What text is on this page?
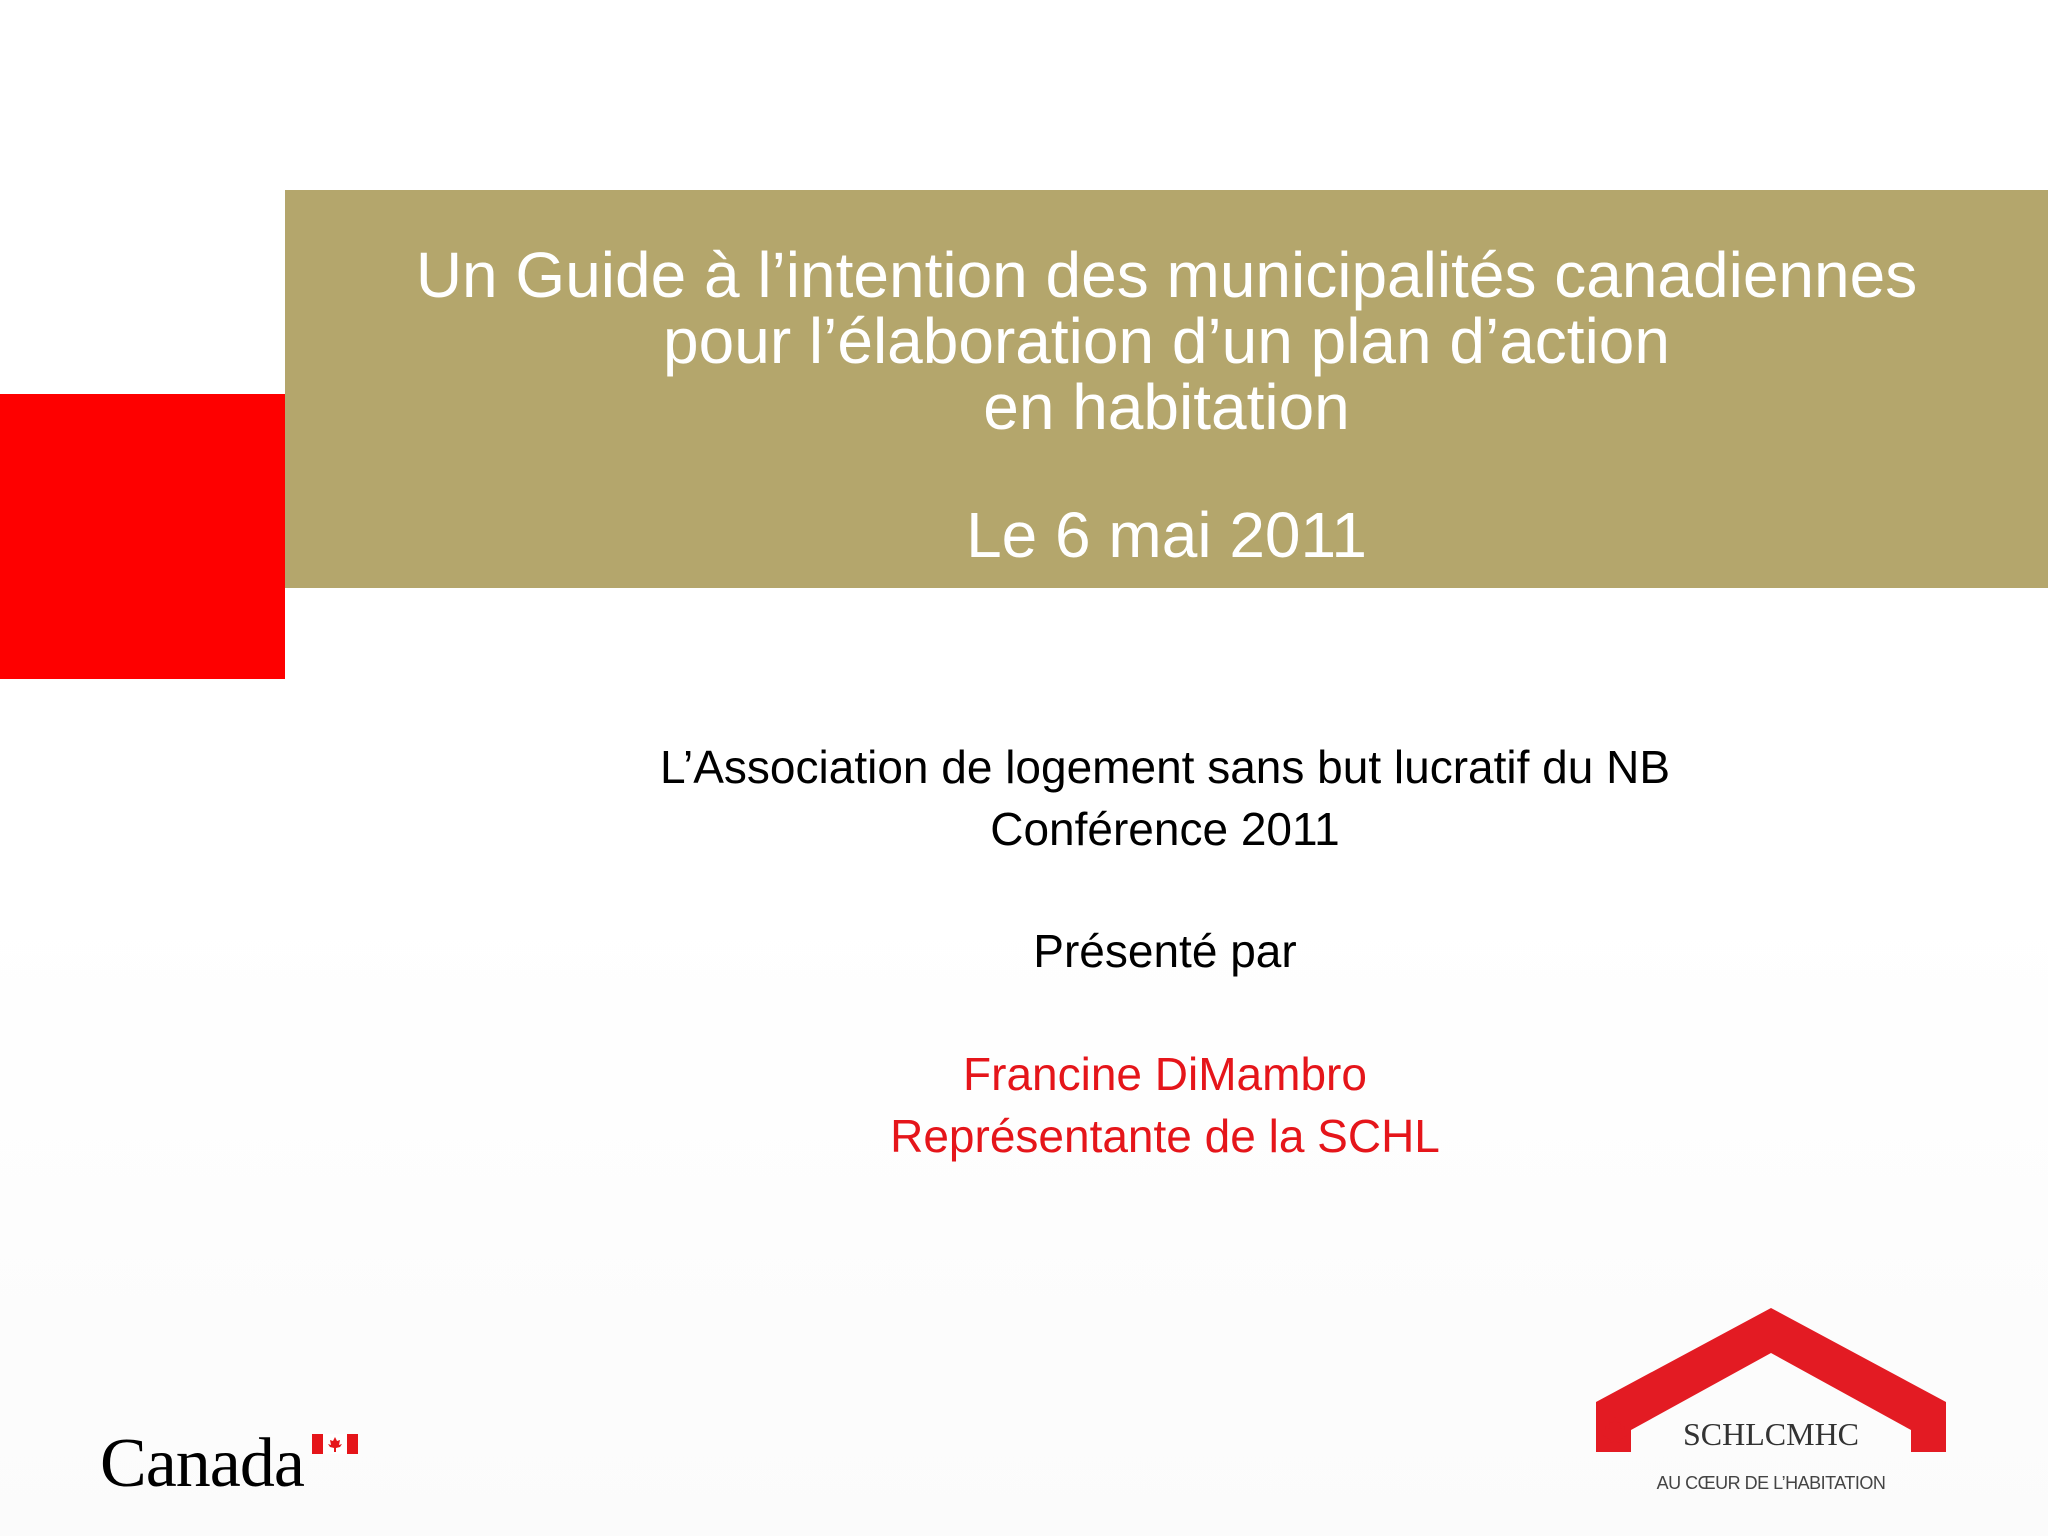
Un Guide à l’intention des municipalités canadiennes
pour l’élaboration d’un plan d’action
en habitation
Le 6 mai 2011
L’Association de logement sans but lucratif du NB
Conférence 2011
Présenté par
Francine DiMambro
Représentante de la SCHL
Canada	SCHL
CMHC
AU CŒUR DE L’HABITATION
